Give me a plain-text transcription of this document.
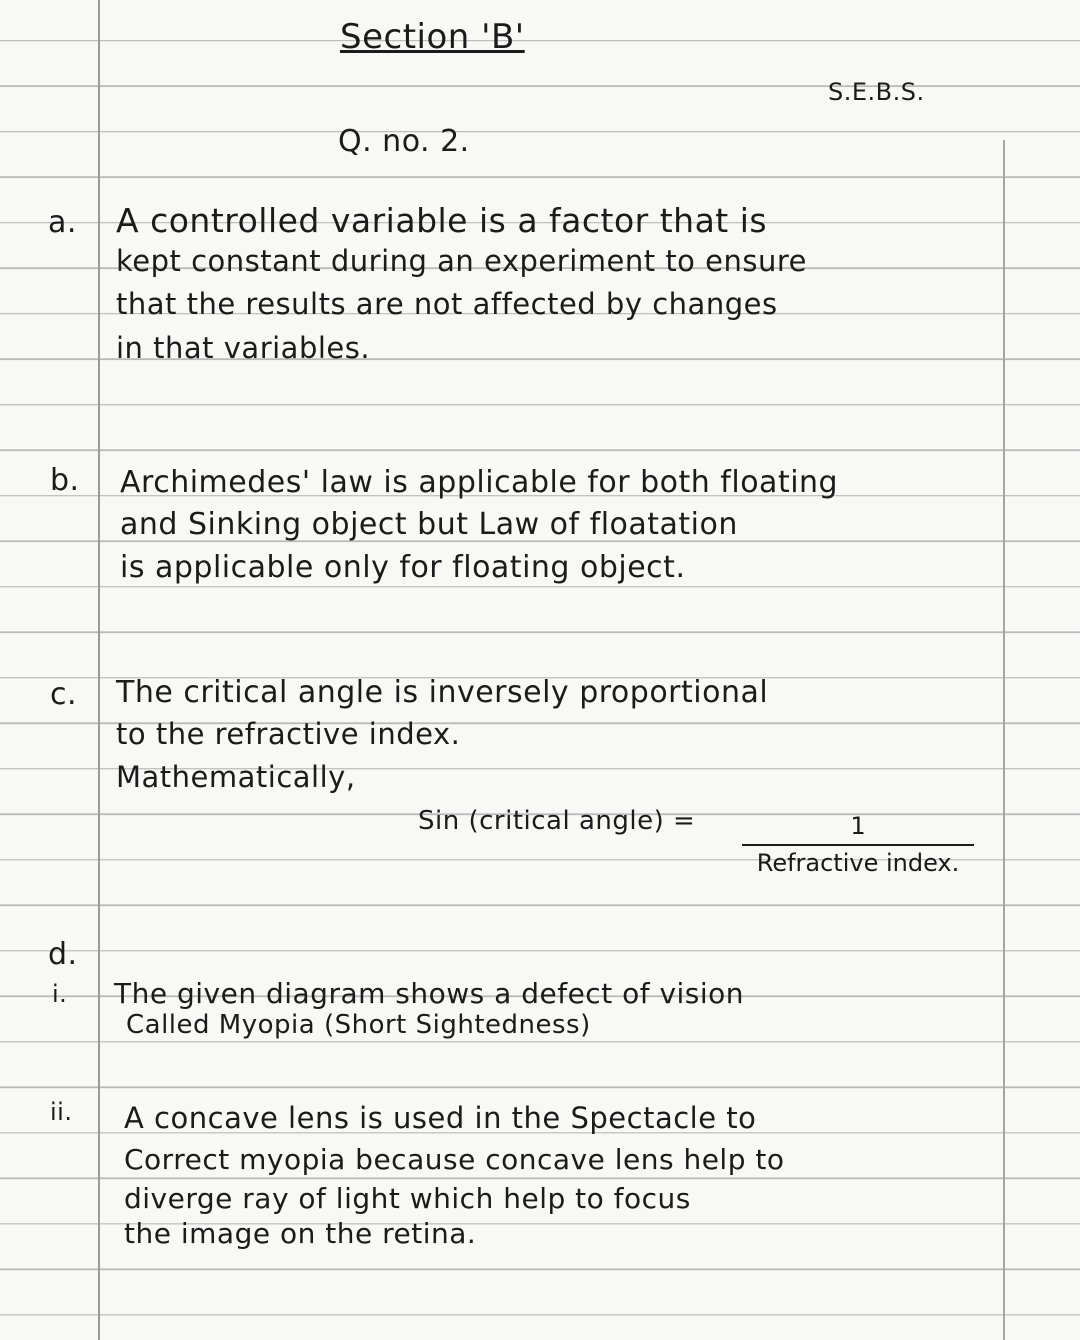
Section 'B'
S.E.B.S.
Q. no. 2.
a. A controlled variable is a factor that is
kept constant during an experiment to ensure
that the results are not affected by changes
in that variables.
b. Archimedes' law is applicable for both floating
and Sinking object but Law of floatation
is applicable only for floating object.
c. The critical angle is inversely proportional
to the refractive index.
Mathematically,
Sin (critical angle) =	1
Refractive index.
d.
i. The given diagram shows a defect of vision
Called Myopia (Short Sightedness)
ii. A concave lens is used in the Spectacle to
Correct myopia because concave lens help to
diverge ray of light which help to focus
the image on the retina.
